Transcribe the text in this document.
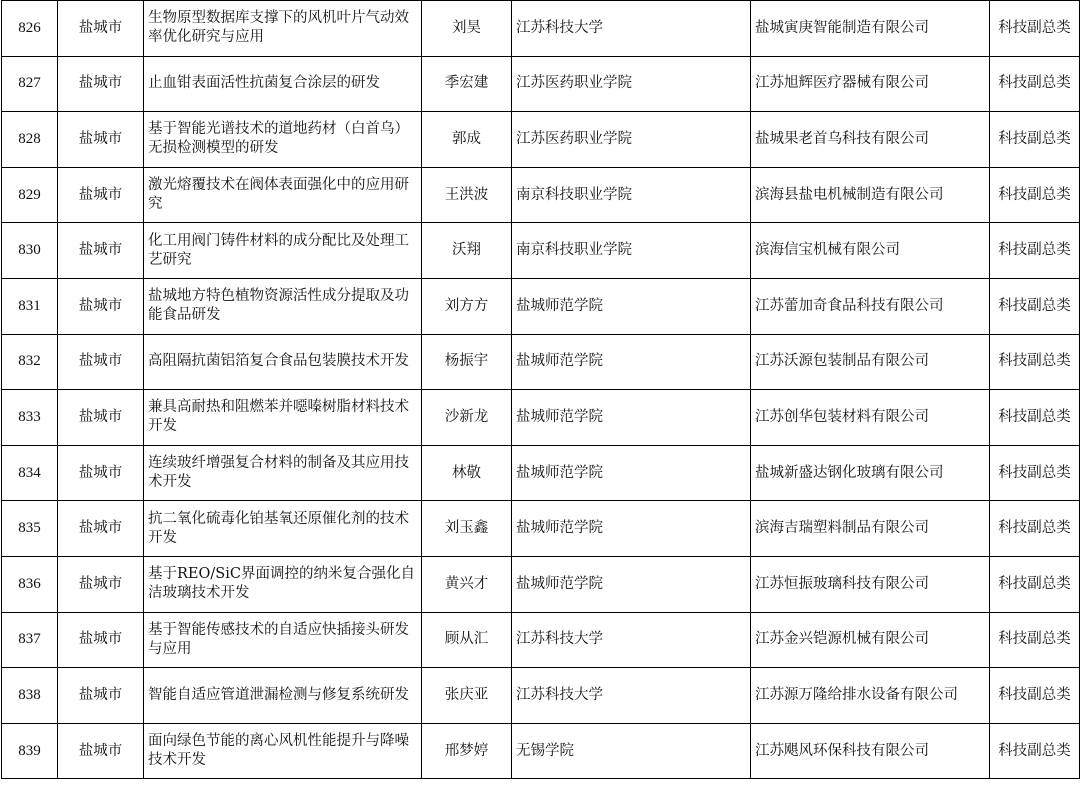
826	盐城市	生物原型数据库支撑下的风机叶片气动效率优化研究与应用	刘昊	江苏科技大学	盐城寅庚智能制造有限公司	科技副总类
827	盐城市	止血钳表面活性抗菌复合涂层的研发	季宏建	江苏医药职业学院	江苏旭辉医疗器械有限公司	科技副总类
828	盐城市	基于智能光谱技术的道地药材（白首乌）无损检测模型的研发	郭成	江苏医药职业学院	盐城果老首乌科技有限公司	科技副总类
829	盐城市	激光熔覆技术在阀体表面强化中的应用研究	王洪波	南京科技职业学院	滨海县盐电机械制造有限公司	科技副总类
830	盐城市	化工用阀门铸件材料的成分配比及处理工艺研究	沃翔	南京科技职业学院	滨海信宝机械有限公司	科技副总类
831	盐城市	盐城地方特色植物资源活性成分提取及功能食品研发	刘方方	盐城师范学院	江苏蕾加奇食品科技有限公司	科技副总类
832	盐城市	高阻隔抗菌铝箔复合食品包装膜技术开发	杨振宇	盐城师范学院	江苏沃源包装制品有限公司	科技副总类
833	盐城市	兼具高耐热和阻燃苯并噁嗪树脂材料技术开发	沙新龙	盐城师范学院	江苏创华包装材料有限公司	科技副总类
834	盐城市	连续玻纤增强复合材料的制备及其应用技术开发	林敬	盐城师范学院	盐城新盛达钢化玻璃有限公司	科技副总类
835	盐城市	抗二氧化硫毒化铂基氧还原催化剂的技术开发	刘玉鑫	盐城师范学院	滨海吉瑞塑料制品有限公司	科技副总类
836	盐城市	基于REO/SiC界面调控的纳米复合强化自洁玻璃技术开发	黄兴才	盐城师范学院	江苏恒振玻璃科技有限公司	科技副总类
837	盐城市	基于智能传感技术的自适应快插接头研发与应用	顾从汇	江苏科技大学	江苏金兴铠源机械有限公司	科技副总类
838	盐城市	智能自适应管道泄漏检测与修复系统研发	张庆亚	江苏科技大学	江苏源万隆给排水设备有限公司	科技副总类
839	盐城市	面向绿色节能的离心风机性能提升与降噪技术开发	邢梦婷	无锡学院	江苏飓风环保科技有限公司	科技副总类
